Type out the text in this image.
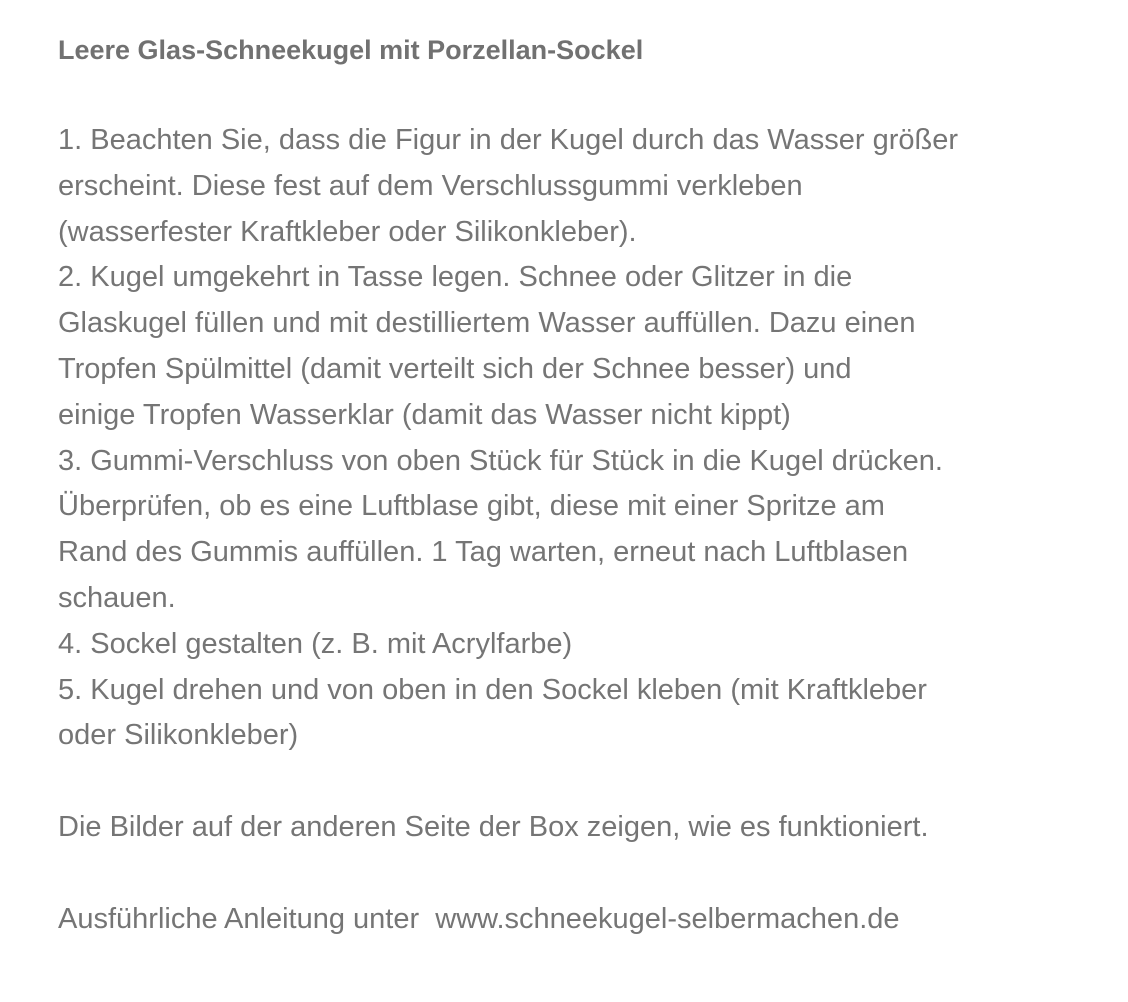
Leere Glas-Schneekugel mit Porzellan-Sockel

1. Beachten Sie, dass die Figur in der Kugel durch das Wasser größer

erscheint. Diese fest auf dem Verschlussgummi verkleben

(wasserfester Kraftkleber oder Silikonkleber).

2. Kugel umgekehrt in Tasse legen. Schnee oder Glitzer in die

Glaskugel füllen und mit destilliertem Wasser auffüllen. Dazu einen

Tropfen Spülmittel (damit verteilt sich der Schnee besser) und

einige Tropfen Wasserklar (damit das Wasser nicht kippt)

3. Gummi-Verschluss von oben Stück für Stück in die Kugel drücken.

Überprüfen, ob es eine Luftblase gibt, diese mit einer Spritze am

Rand des Gummis auffüllen. 1 Tag warten, erneut nach Luftblasen

schauen.

4. Sockel gestalten (z. B. mit Acrylfarbe)

5. Kugel drehen und von oben in den Sockel kleben (mit Kraftkleber

oder Silikonkleber)

Die Bilder auf der anderen Seite der Box zeigen, wie es funktioniert.

Ausführliche Anleitung unter  www.schneekugel-selbermachen.de
